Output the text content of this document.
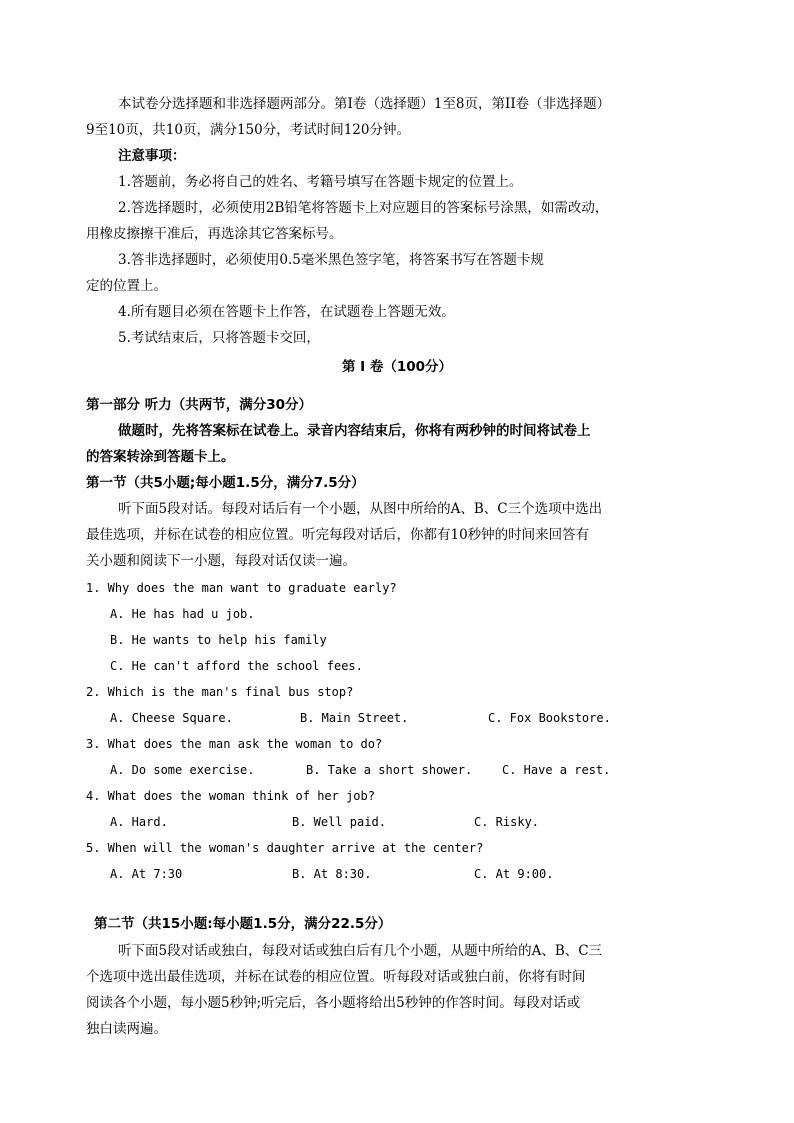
本试卷分选择题和非选择题两部分。第I卷（选择题）1至8页，第II卷（非选择题）
9至10页，共10页，满分150分，考试时间120分钟。
注意事项：
1.答题前，务必将自己的姓名、考籍号填写在答题卡规定的位置上。
2.答选择题时，必须使用2B铅笔将答题卡上对应题目的答案标号涂黑，如需改动，
用橡皮擦擦干准后，再选涂其它答案标号。
3.答非选择题时，必须使用0.5毫米黑色签字笔，将答案书写在答题卡规
定的位置上。
4.所有题目必须在答题卡上作答，在试题卷上答题无效。
5.考试结束后，只将答题卡交回，
第 I 卷（100分）
第一部分 听力（共两节，满分30分）
做题时，先将答案标在试卷上。录音内容结束后，你将有两秒钟的时间将试卷上
的答案转涂到答题卡上。
第一节（共5小题;每小题1.5分，满分7.5分）
听下面5段对话。每段对话后有一个小题，从图中所给的A、B、C三个选项中选出
最佳选项，并标在试卷的相应位置。听完每段对话后，你都有10秒钟的时间来回答有
关小题和阅读下一小题，每段对话仅读一遍。
1. Why does the man want to graduate early?
A. He has had u job.
B. He wants to help his family
C. He can't afford the school fees.
2. Which is the man's final bus stop?
A. Cheese Square.	B. Main Street.	C. Fox Bookstore.
3. What does the man ask the woman to do?
A. Do some exercise.	B. Take a short shower. C. Have a rest.
4. What does the woman think of her job?
A. Hard.	B. Well paid.	C. Risky.
5. When will the woman's daughter arrive at the center?
A. At 7:30	B. At 8:30.	C. At 9:00.
第二节（共15小题:每小题1.5分，满分22.5分）
听下面5段对话或独白，每段对话或独白后有几个小题，从题中所给的A、B、C三
个选项中选出最佳选项，并标在试卷的相应位置。听每段对话或独白前，你将有时间
阅读各个小题，每小题5秒钟;听完后，各小题将给出5秒钟的作答时间。每段对话或
独白读两遍。
